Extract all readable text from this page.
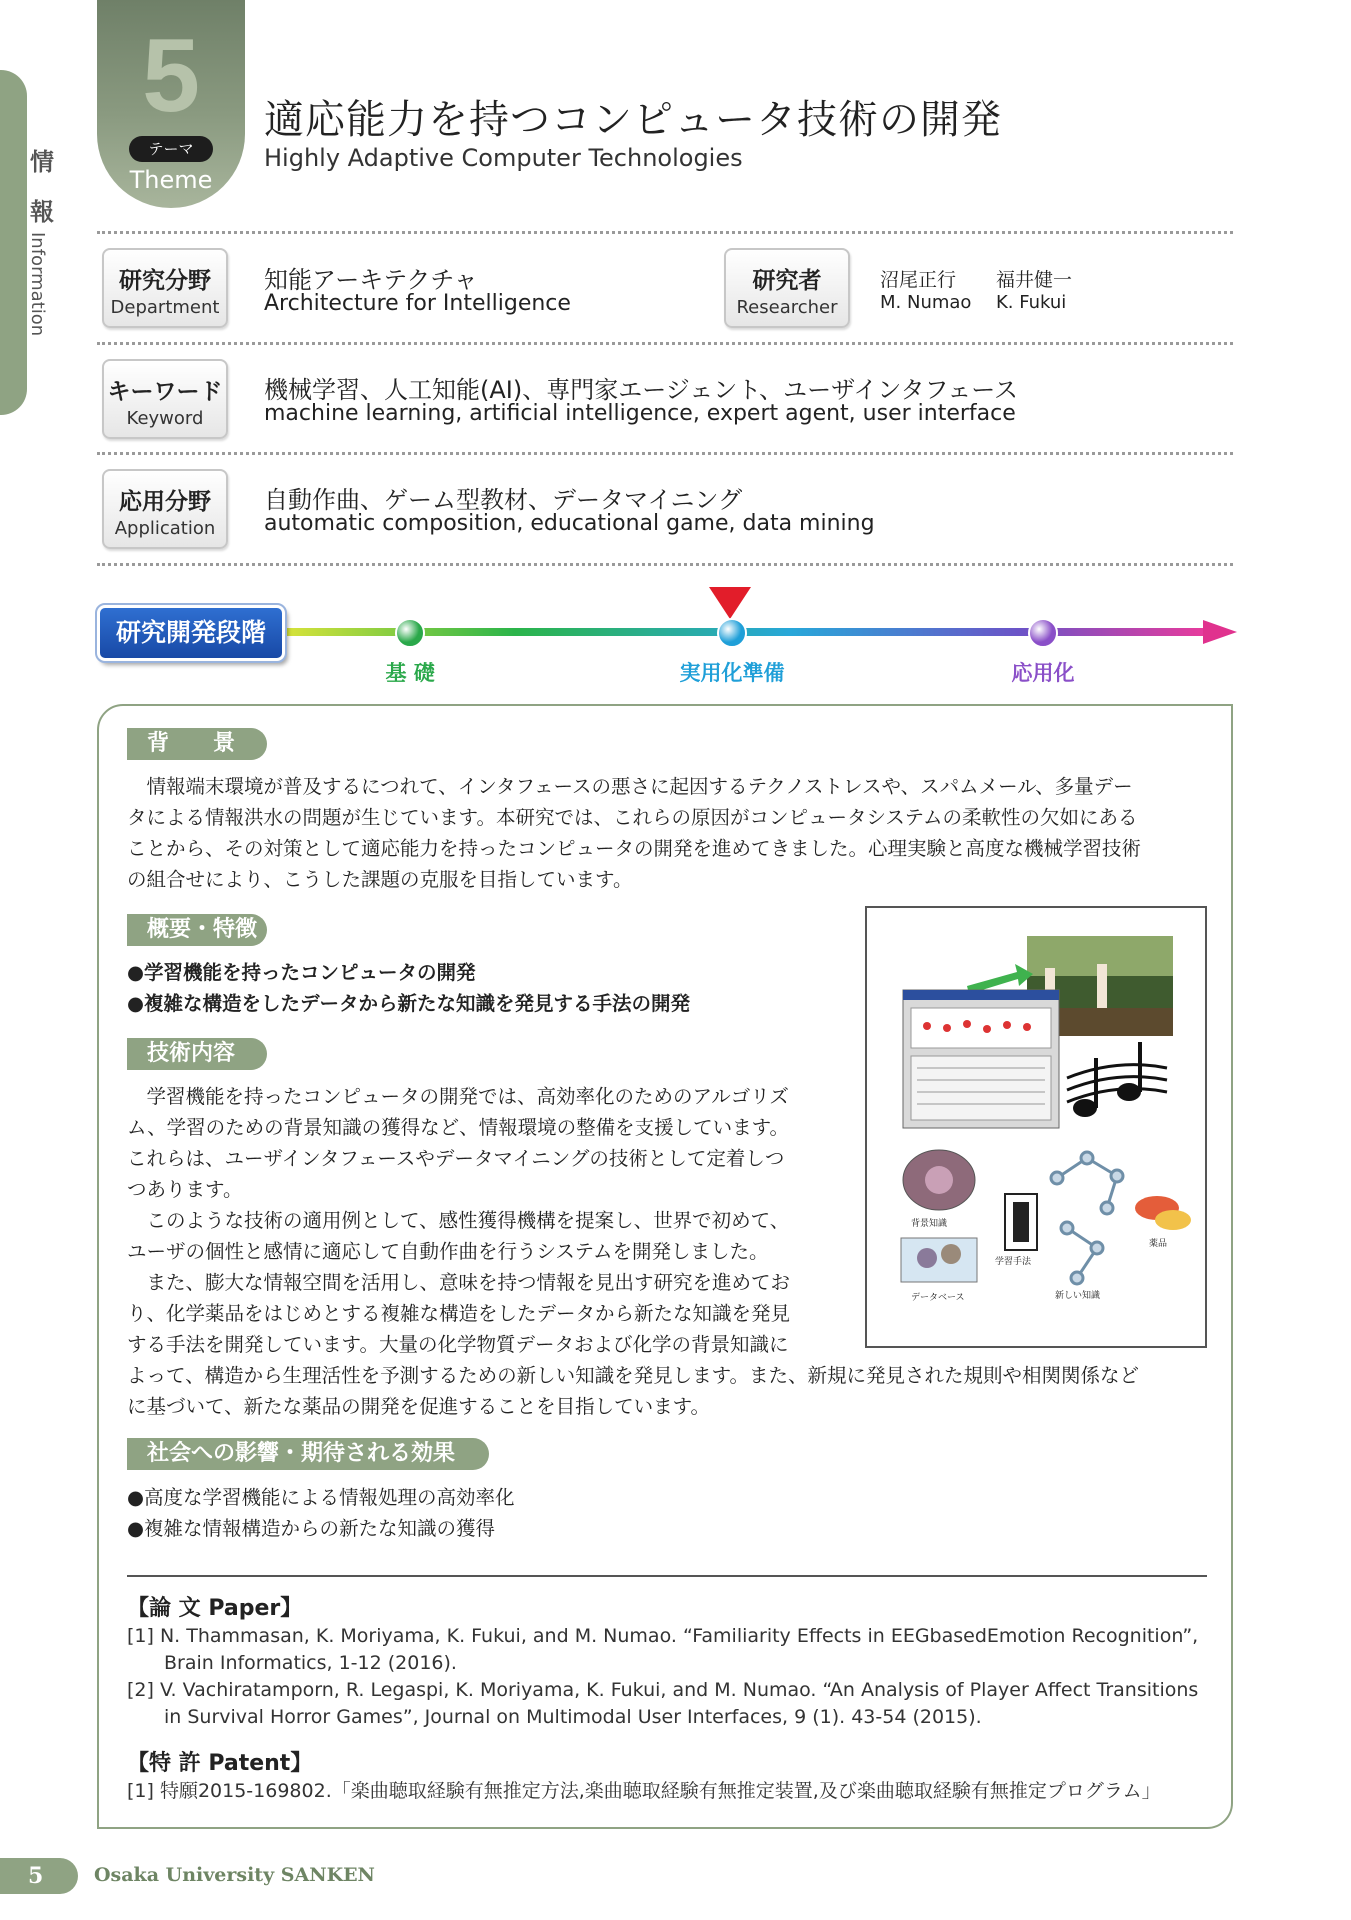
情
報
Information
5
テーマ
Theme
適応能力を持つコンピュータ技術の開発
Highly Adaptive Computer Technologies
研究分野
Department
知能アーキテクチャ
Architecture for Intelligence
研究者
Researcher
沼尾正行
M. Numao
福井健一
K. Fukui
キーワード
Keyword
機械学習、人工知能(AI)、専門家エージェント、ユーザインタフェース
machine learning, artificial intelligence, expert agent, user interface
応用分野
Application
自動作曲、ゲーム型教材、データマイニング
automatic composition, educational game, data mining
研究開発段階
基 礎	実用化準備	応用化
背　　景
　情報端末環境が普及するにつれて、インタフェースの悪さに起因するテクノストレスや、スパムメール、多量デー
タによる情報洪水の問題が生じています。本研究では、これらの原因がコンピュータシステムの柔軟性の欠如にある
ことから、その対策として適応能力を持ったコンピュータの開発を進めてきました。心理実験と高度な機械学習技術
の組合せにより、こうした課題の克服を目指しています。
概要・特徴
●学習機能を持ったコンピュータの開発
●複雑な構造をしたデータから新たな知識を発見する手法の開発
技術内容
　学習機能を持ったコンピュータの開発では、高効率化のためのアルゴリズ
ム、学習のための背景知識の獲得など、情報環境の整備を支援しています。
これらは、ユーザインタフェースやデータマイニングの技術として定着しつ
つあります。
　このような技術の適用例として、感性獲得機構を提案し、世界で初めて、
ユーザの個性と感情に適応して自動作曲を行うシステムを開発しました。
　また、膨大な情報空間を活用し、意味を持つ情報を見出す研究を進めてお
り、化学薬品をはじめとする複雑な構造をしたデータから新たな知識を発見
する手法を開発しています。大量の化学物質データおよび化学の背景知識に
よって、構造から生理活性を予測するための新しい知識を発見します。また、新規に発見された規則や相関関係など
に基づいて、新たな薬品の開発を促進することを目指しています。
背景知識
データベース
学習手法
新しい知識
薬品
社会への影響・期待される効果
●高度な学習機能による情報処理の高効率化
●複雑な情報構造からの新たな知識の獲得
【論 文 Paper】
[1] N. Thammasan, K. Moriyama, K. Fukui, and M. Numao. “Familiarity Effects in EEGbasedEmotion Recognition”,
Brain Informatics, 1-12 (2016).
[2] V. Vachiratamporn, R. Legaspi, K. Moriyama, K. Fukui, and M. Numao. “An Analysis of Player Affect Transitions
in Survival Horror Games”, Journal on Multimodal User Interfaces, 9 (1). 43-54 (2015).
【特 許 Patent】
[1] 特願2015-169802.「楽曲聴取経験有無推定方法,楽曲聴取経験有無推定装置,及び楽曲聴取経験有無推定プログラム」
5	Osaka University SANKEN
